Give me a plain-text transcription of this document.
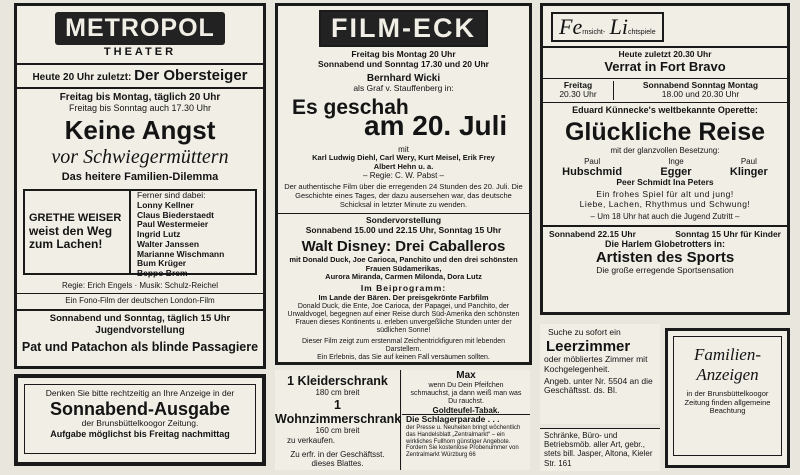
METROPOL
THEATER
Heute 20 Uhr zuletzt: Der Obersteiger
Freitag bis Montag, täglich 20 Uhr
Freitag bis Sonntag auch 17.30 Uhr
Keine Angst
vor Schwiegermüttern
Das heitere Familien-Dilemma
GRETHE WEISER
weist den Weg
zum Lachen!
Ferner sind dabei:
Lonny Kellner
Claus Biederstaedt
Paul Westermeier
Ingrid Lutz
Walter Janssen
Marianne Wischmann
Bum Krüger
Beppo Brem
Regie: Erich Engels · Musik: Schulz-Reichel
Ein Fono-Film der deutschen London-Film
Sonnabend und Sonntag, täglich 15 Uhr
Jugendvorstellung
Pat und Patachon als blinde Passagiere
FILM-ECK
Freitag bis Montag 20 Uhr
Sonnabend und Sonntag 17.30 und 20 Uhr
Bernhard Wicki
als Graf v. Stauffenberg in:
Es geschah
am 20. Juli
mit
Karl Ludwig Diehl, Carl Wery, Kurt Meisel, Erik Frey
Albert Hehn u. a.
– Regie: C. W. Pabst –
Der authentische Film über die erregenden 24 Stunden des 20. Juli. Die Geschichte eines Tages, der dazu ausersehen war, das deutsche Schicksal in letzter Minute zu wenden.
Sondervorstellung
Sonnabend 15.00 und 22.15 Uhr, Sonntag 15 Uhr
Walt Disney: Drei Caballeros
mit Donald Duck, Joe Carioca, Panchito und den drei schönsten Frauen Südamerikas,
Aurora Miranda, Carmen Milonda, Dora Lutz
Im Beiprogramm:
Im Lande der Bären. Der preisgekrönte Farbfilm
Donald Duck, die Ente, Joe Carioca, der Papagei, und Panchito, der Urwaldvogel, begegnen auf einer Reise durch Süd-Amerika den schönsten Frauen dieses Kontinents u. erleben unvergeßliche Stunden unter der südlichen Sonne!
Dieser Film zeigt zum erstenmal Zeichentrickfiguren mit lebenden Darstellern.
Ein Erlebnis, das Sie auf keinen Fall versäumen sollten.
Fernsicht- Lichtspiele
Heute zuletzt 20.30 Uhr
Verrat in Fort Bravo
Freitag
20.30 Uhr
Sonnabend Sonntag Montag
18.00 und 20.30 Uhr
Eduard Künnecke's weltbekannte Operette:
Glückliche Reise
mit der glanzvollen Besetzung:
Paul
Hubschmid
Inge
Egger
Paul
Klinger
Peer Schmidt Ina Peters
Ein frohes Spiel für alt und jung!
Liebe, Lachen, Rhythmus und Schwung!
– Um 18 Uhr hat auch die Jugend Zutritt –
Sonnabend 22.15 Uhr	Sonntag 15 Uhr für Kinder
Die Harlem Globetrotters in:
Artisten des Sports
Die große erregende Sportsensation
Denken Sie bitte rechtzeitig an Ihre Anzeige in der
Sonnabend-Ausgabe
der Brunsbüttelkoogor Zeitung.
Aufgabe möglichst bis Freitag nachmittag
1 Kleiderschrank
180 cm breit
1 Wohnzimmerschrank
160 cm breit
zu verkaufen.
Zu erfr. in der Geschäftsst. dieses Blattes.
Max
wenn Du Dein Pfeifchen schmauchst, ja dann weiß man was Du rauchst.
Goldteufel-Tabak.
Die Schlagerparade . . .
der Presse u. Neuheiten bringt wöchentlich das Handelsblatt „Zentralmarkt“ – ein wirkliches Fullhorn günstiger Angebote. Fordern Sie kostenlose Probenummer von Zentralmarkt Würzburg 66
Suche zu sofort ein
Leerzimmer
oder möbliertes Zimmer mit Kochgelegenheit.
Angeb. unter Nr. 5504 an die Geschäftsst. ds. Bl.
Schränke, Büro- und Betriebsmöb. aller Art, gebr., stets bill. Jasper, Altona, Kieler Str. 161
Familien-
Anzeigen
in der Brunsbüttelkoogor Zeitung finden allgemeine Beachtung
